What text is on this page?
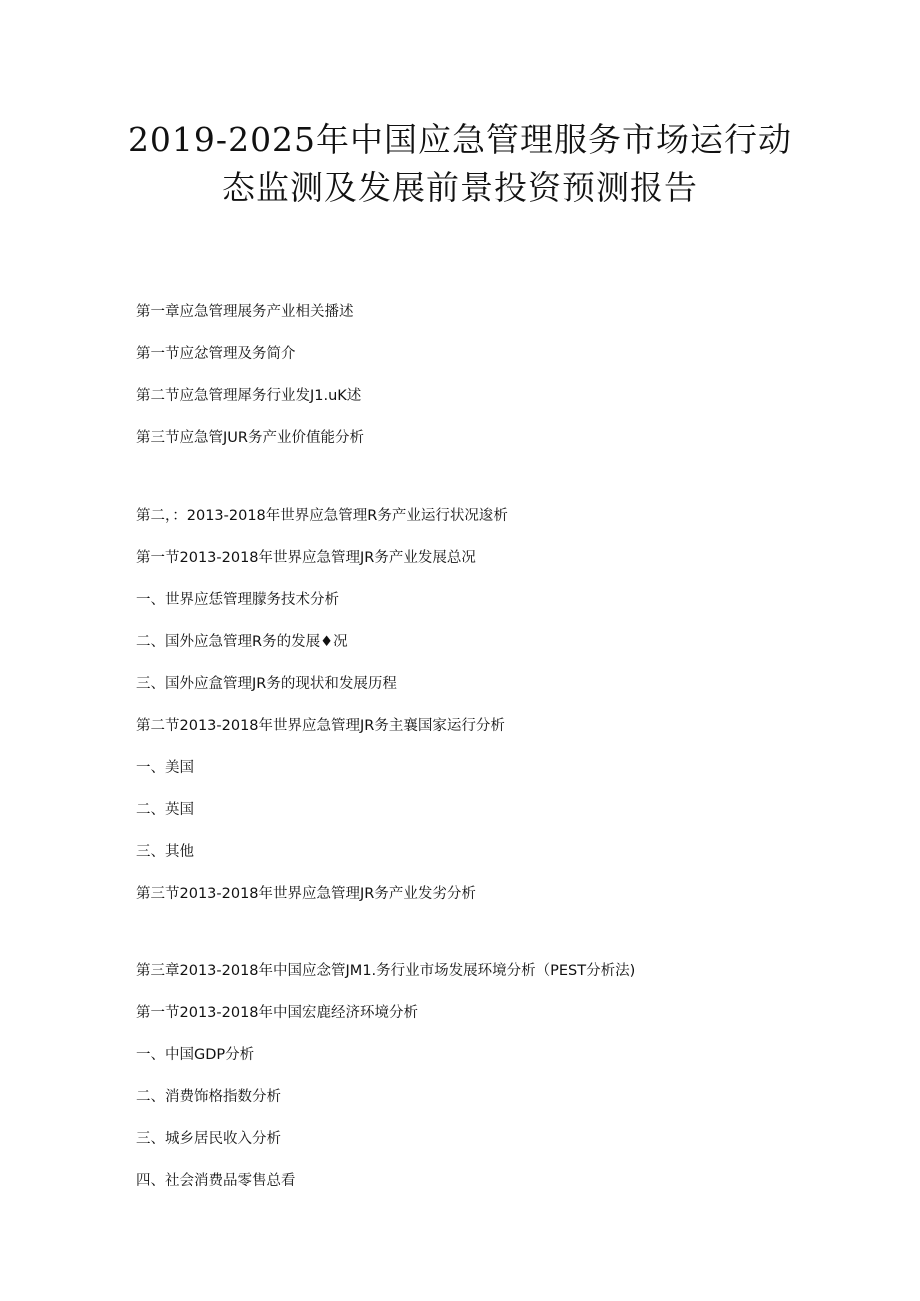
2019-2025年中国应急管理服务市场运行动
态监测及发展前景投资预测报告

第一章应急管理展务产业相关播述

第一节应忿管理及务简介

第二节应急管理犀务行业发J1.uK述

第三节应急管JUR务产业价值能分析

第二，：2013-2018年世界应急管理R务产业运行状况逡析

第一节2013-2018年世界应急管理JR务产业发展总况

一、世界应恁管理朦务技术分析

二、国外应急管理R务的发展♦况

三、国外应盒管理JR务的现状和发展历程

第二节2013-2018年世界应急管理JR务主襄国家运行分析

一、美国

二、英国

三、其他

第三节2013-2018年世界应急管理JR务产业发劣分析

第三章2013-2018年中国应念管JM1.务行业市场发展环境分析（PEST分析法)

第一节2013-2018年中国宏鹿经济环境分析

一、中国GDP分析

二、消费饰格指数分析

三、城乡居民收入分析

四、社会消费品零售总看
